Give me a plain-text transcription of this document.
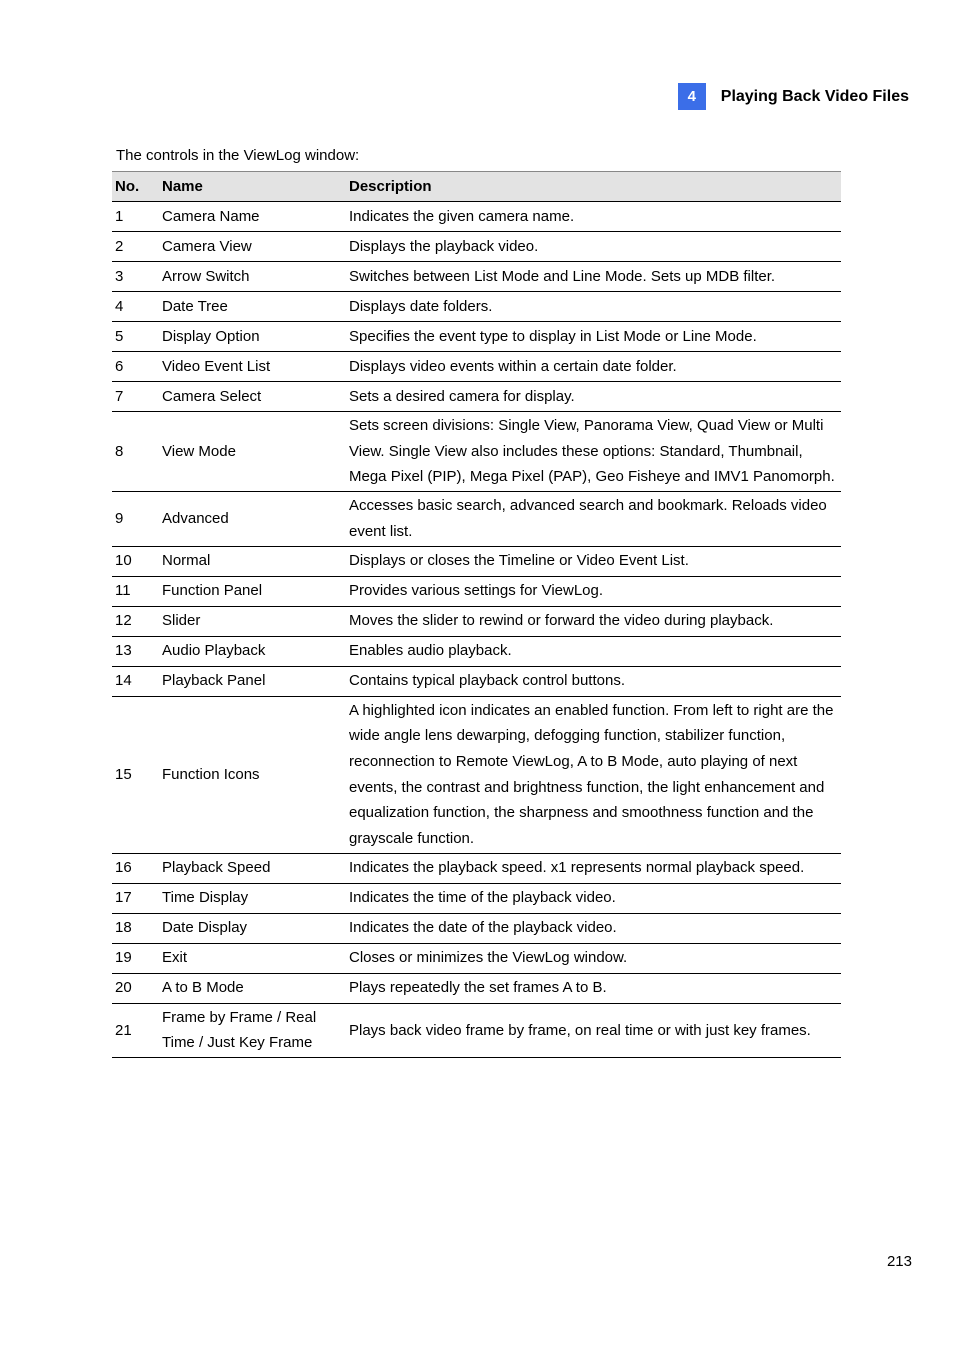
4	Playing Back Video Files
The controls in the ViewLog window:
No.	Name	Description
1	Camera Name	Indicates the given camera name.
2	Camera View	Displays the playback video.
3	Arrow Switch	Switches between List Mode and Line Mode. Sets up MDB filter.
4	Date Tree	Displays date folders.
5	Display Option	Specifies the event type to display in List Mode or Line Mode.
6	Video Event List	Displays video events within a certain date folder.
7	Camera Select	Sets a desired camera for display.
8	View Mode	Sets screen divisions: Single View, Panorama View, Quad View or Multi View. Single View also includes these options: Standard, Thumbnail, Mega Pixel (PIP), Mega Pixel (PAP), Geo Fisheye and IMV1 Panomorph.
9	Advanced	Accesses basic search, advanced search and bookmark. Reloads video event list.
10	Normal	Displays or closes the Timeline or Video Event List.
11	Function Panel	Provides various settings for ViewLog.
12	Slider	Moves the slider to rewind or forward the video during playback.
13	Audio Playback	Enables audio playback.
14	Playback Panel	Contains typical playback control buttons.
15	Function Icons	A highlighted icon indicates an enabled function. From left to right are the wide angle lens dewarping, defogging function, stabilizer function, reconnection to Remote ViewLog, A to B Mode, auto playing of next events, the contrast and brightness function, the light enhancement and equalization function, the sharpness and smoothness function and the grayscale function.
16	Playback Speed	Indicates the playback speed. x1 represents normal playback speed.
17	Time Display	Indicates the time of the playback video.
18	Date Display	Indicates the date of the playback video.
19	Exit	Closes or minimizes the ViewLog window.
20	A to B Mode	Plays repeatedly the set frames A to B.
21	Frame by Frame / Real Time / Just Key Frame	Plays back video frame by frame, on real time or with just key frames.
213
